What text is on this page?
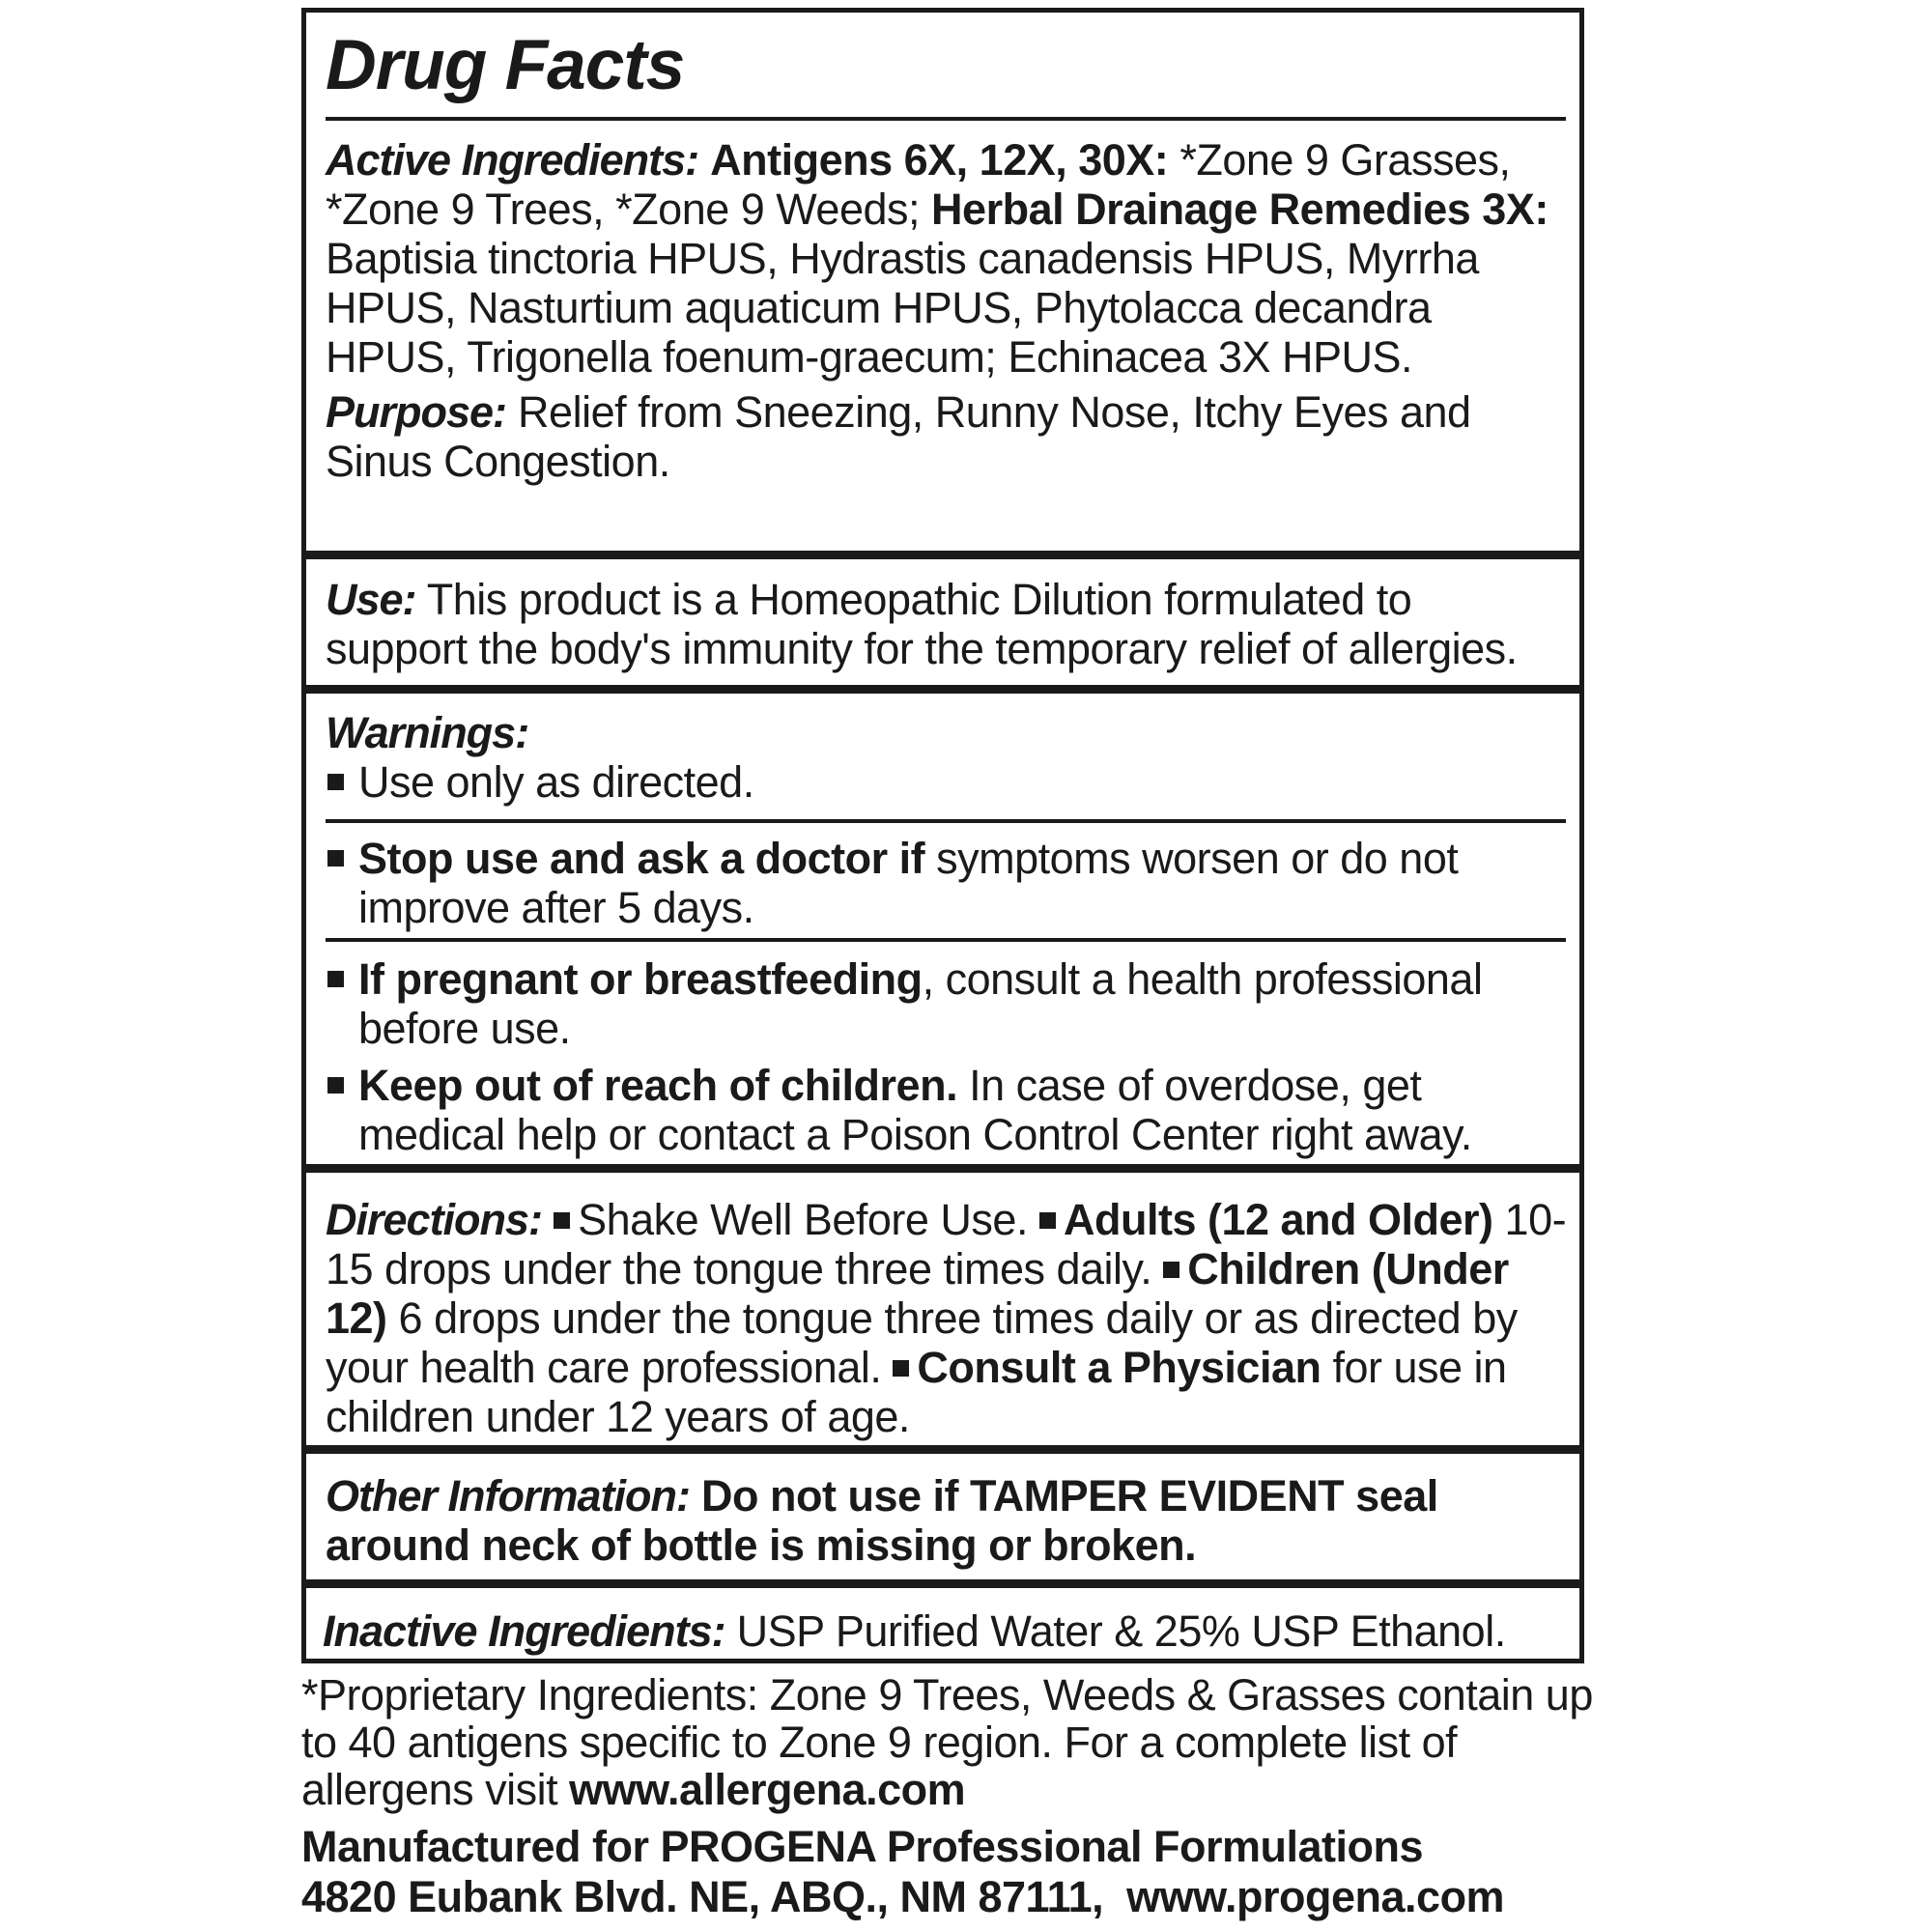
Drug Facts

Active Ingredients: Antigens 6X, 12X, 30X: *Zone 9 Grasses, *Zone 9 Trees, *Zone 9 Weeds; Herbal Drainage Remedies 3X: Baptisia tinctoria HPUS, Hydrastis canadensis HPUS, Myrrha HPUS, Nasturtium aquaticum HPUS, Phytolacca decandra HPUS, Trigonella foenum-graecum; Echinacea 3X HPUS.

Purpose: Relief from Sneezing, Runny Nose, Itchy Eyes and Sinus Congestion.

Use: This product is a Homeopathic Dilution formulated to support the body's immunity for the temporary relief of allergies.

Warnings:

Use only as directed.

Stop use and ask a doctor if symptoms worsen or do not improve after 5 days.

If pregnant or breastfeeding, consult a health professional before use.

Keep out of reach of children. In case of overdose, get medical help or contact a Poison Control Center right away.

Directions: Shake Well Before Use. Adults (12 and Older) 10-15 drops under the tongue three times daily. Children (Under 12) 6 drops under the tongue three times daily or as directed by your health care professional. Consult a Physician for use in children under 12 years of age.

Other Information: Do not use if TAMPER EVIDENT seal around neck of bottle is missing or broken.

Inactive Ingredients: USP Purified Water & 25% USP Ethanol.

*Proprietary Ingredients: Zone 9 Trees, Weeds & Grasses contain up to 40 antigens specific to Zone 9 region. For a complete list of allergens visit www.allergena.com

Manufactured for PROGENA Professional Formulations

4820 Eubank Blvd. NE, ABQ., NM 87111,  www.progena.com
